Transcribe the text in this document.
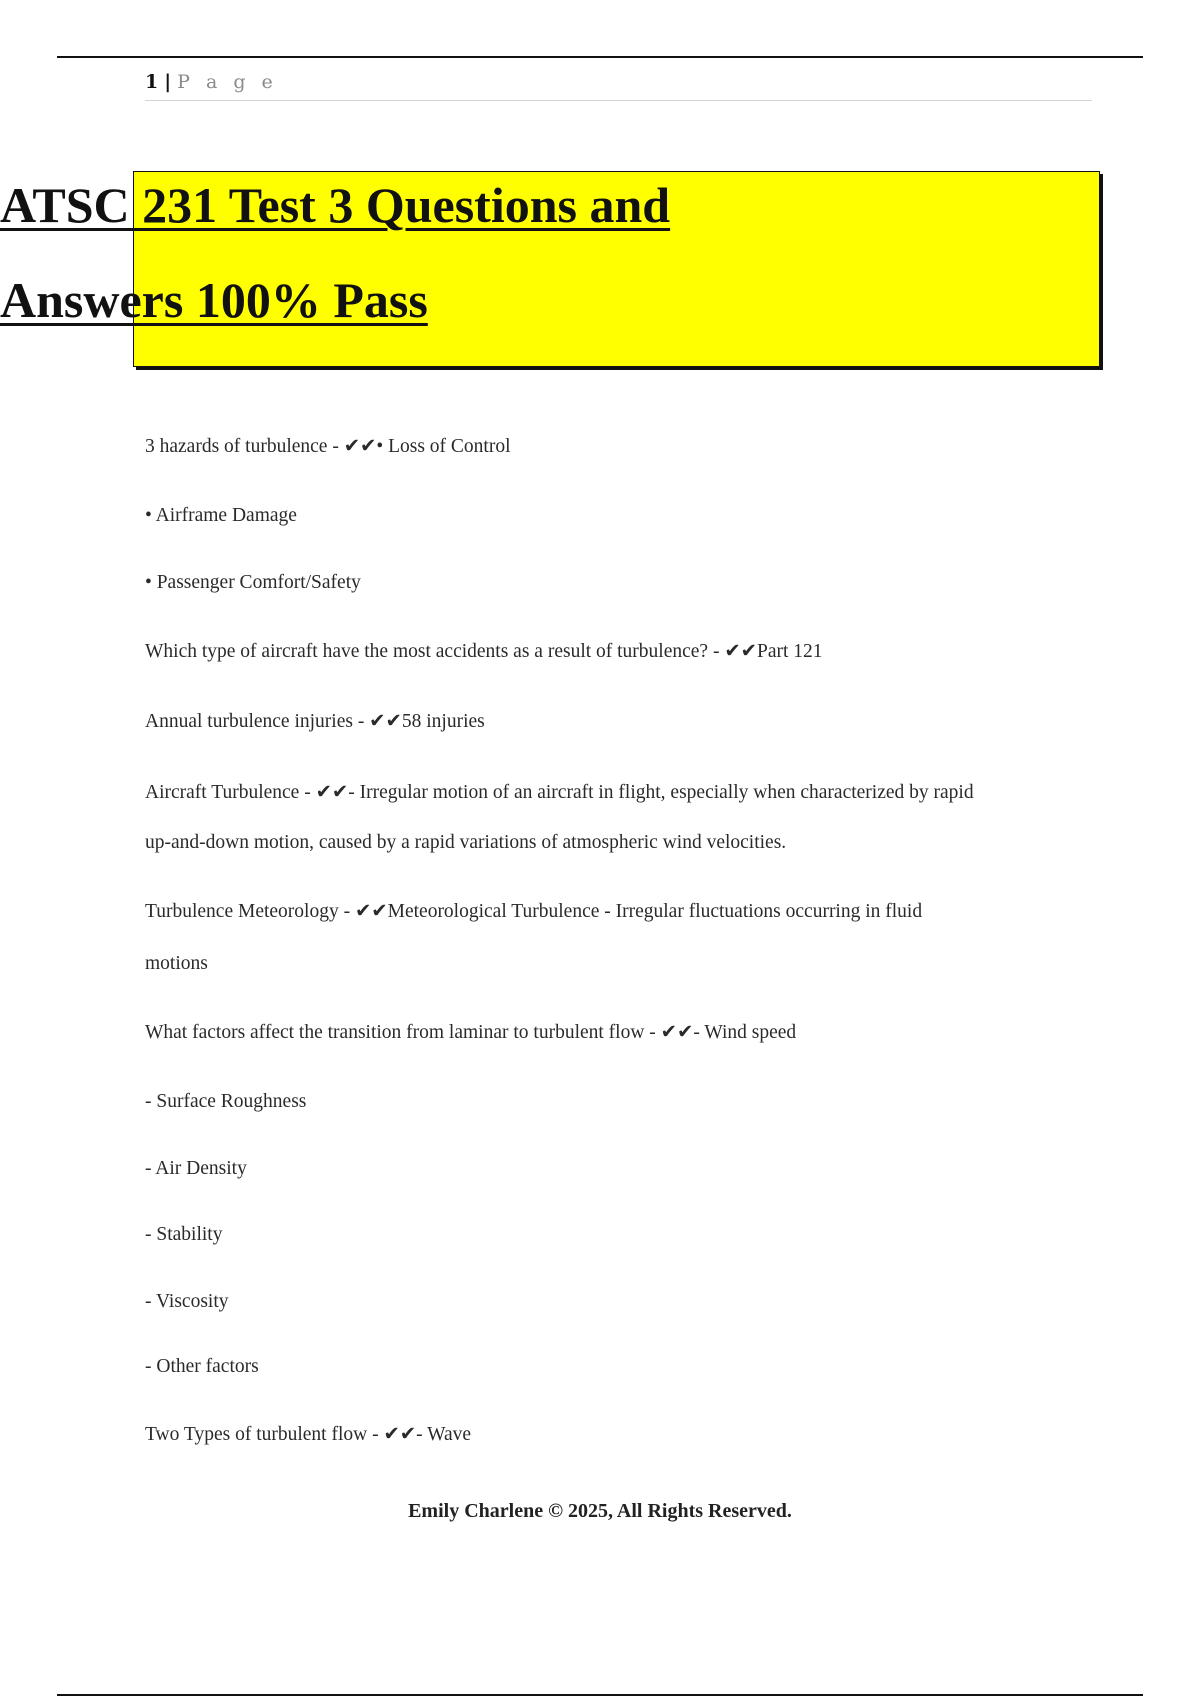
1 | P a g e
ATSC 231 Test 3 Questions and
Answers 100% Pass
3 hazards of turbulence - ✔✔• Loss of Control
• Airframe Damage
• Passenger Comfort/Safety
Which type of aircraft have the most accidents as a result of turbulence? - ✔✔Part 121
Annual turbulence injuries - ✔✔58 injuries
Aircraft Turbulence - ✔✔- Irregular motion of an aircraft in flight, especially when characterized by rapid
up-and-down motion, caused by a rapid variations of atmospheric wind velocities.
Turbulence Meteorology - ✔✔Meteorological Turbulence - Irregular fluctuations occurring in fluid
motions
What factors affect the transition from laminar to turbulent flow - ✔✔- Wind speed
- Surface Roughness
- Air Density
- Stability
- Viscosity
- Other factors
Two Types of turbulent flow - ✔✔- Wave
Emily Charlene © 2025, All Rights Reserved.
